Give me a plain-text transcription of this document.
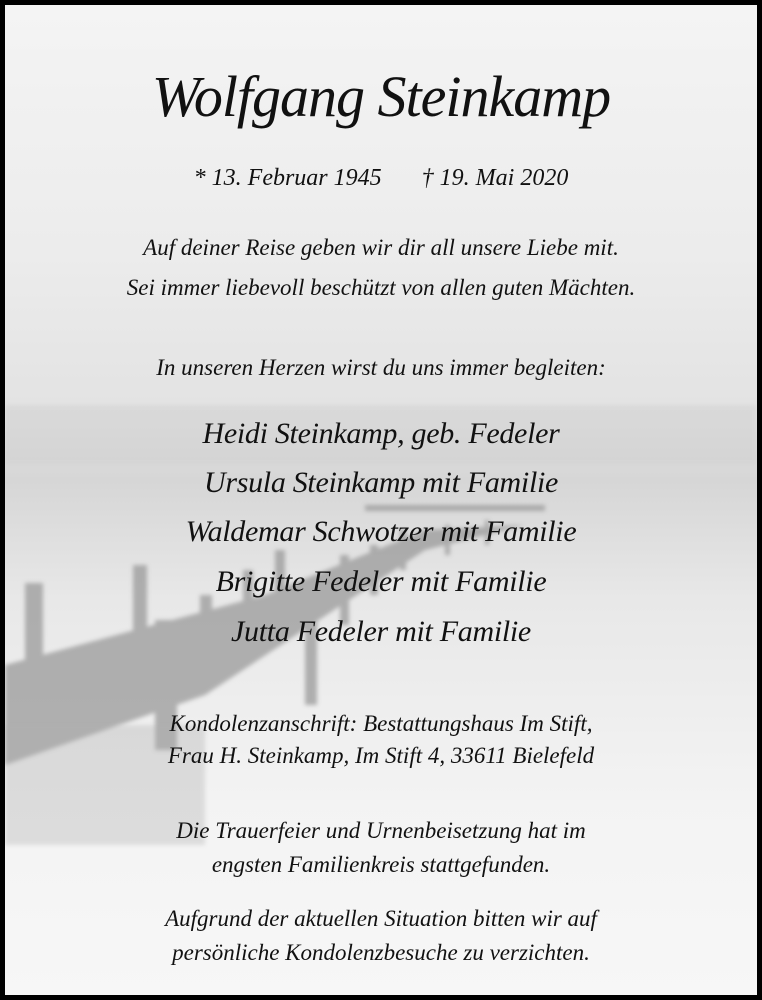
Wolfgang Steinkamp
* 13. Februar 1945 † 19. Mai 2020
Auf deiner Reise geben wir dir all unsere Liebe mit.
Sei immer liebevoll beschützt von allen guten Mächten.
In unseren Herzen wirst du uns immer begleiten:
Heidi Steinkamp, geb. Fedeler
Ursula Steinkamp mit Familie
Waldemar Schwotzer mit Familie
Brigitte Fedeler mit Familie
Jutta Fedeler mit Familie
Kondolenzanschrift: Bestattungshaus Im Stift,
Frau H. Steinkamp, Im Stift 4, 33611 Bielefeld
Die Trauerfeier und Urnenbeisetzung hat im
engsten Familienkreis stattgefunden.
Aufgrund der aktuellen Situation bitten wir auf
persönliche Kondolenzbesuche zu verzichten.
